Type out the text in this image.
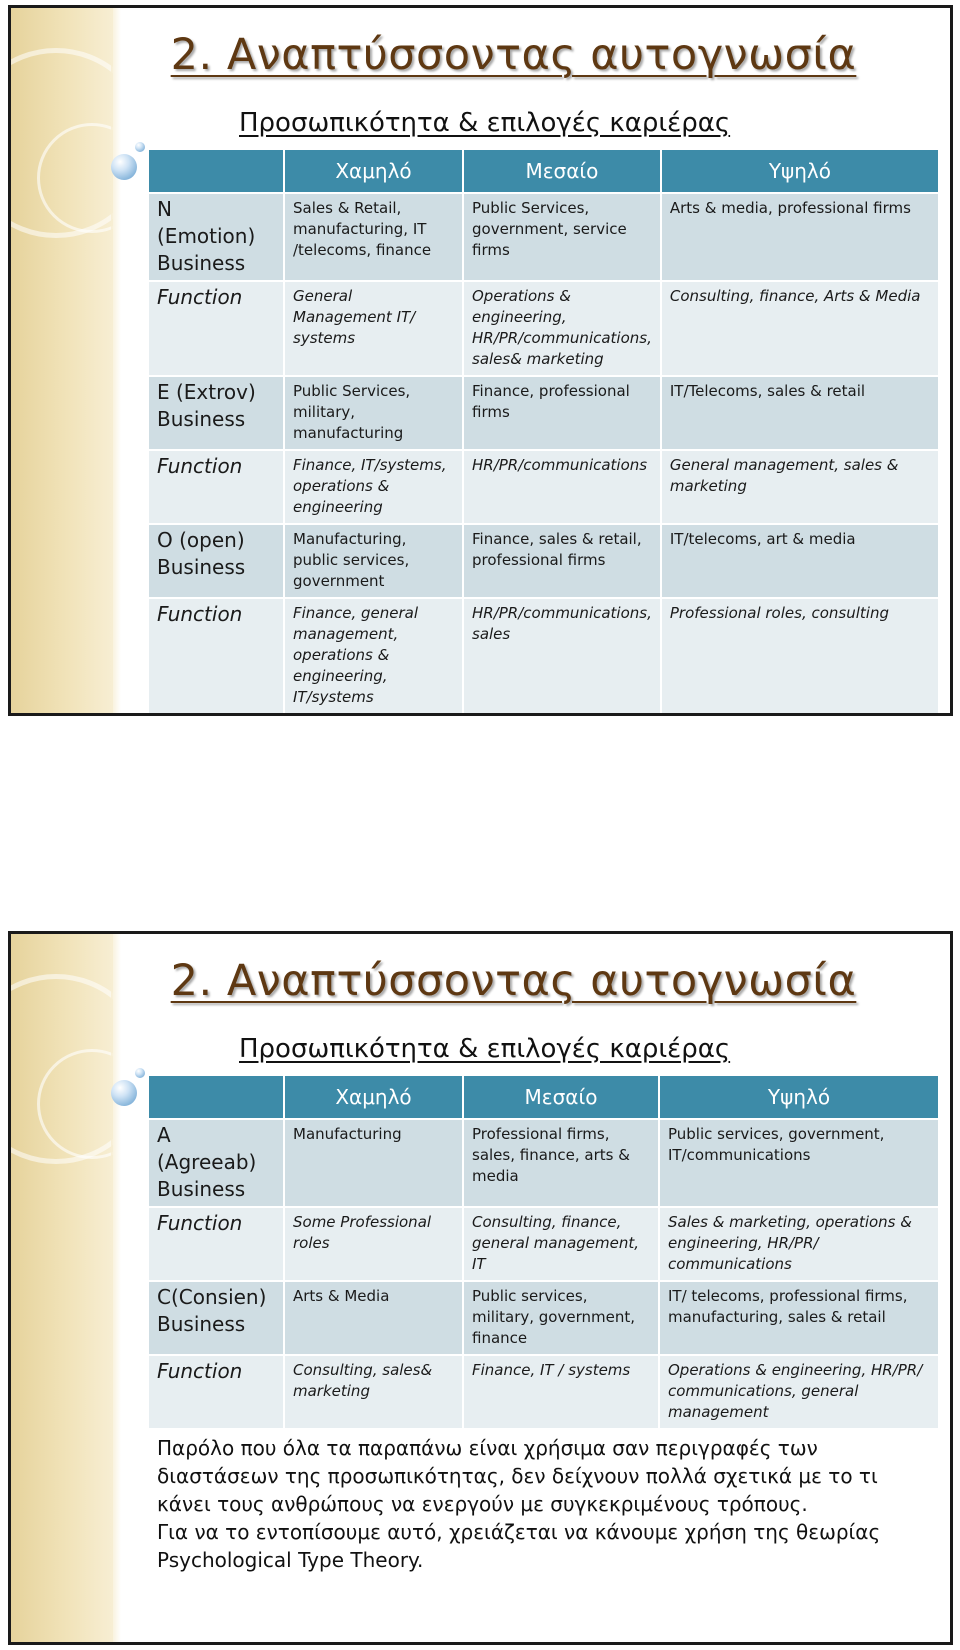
2. Αναπτύσσοντας αυτογνωσία
Προσωπικότητα & επιλογές καριέρας
	Χαμηλό	Μεσαίο	Υψηλό
N (Emotion) Business	Sales & Retail, manufacturing, IT /telecoms, finance	Public Services, government, service firms	Arts & media, professional firms
Function	General Management IT/ systems	Operations & engineering, HR/PR/communications, sales& marketing	Consulting, finance, Arts & Media
E (Extrov) Business	Public Services, military, manufacturing	Finance, professional firms	IT/Telecoms, sales & retail
Function	Finance, IT/systems, operations & engineering	HR/PR/communications	General management, sales & marketing
O (open) Business	Manufacturing, public services, government	Finance, sales & retail, professional firms	IT/telecoms, art & media
Function	Finance, general management, operations & engineering, IT/systems	HR/PR/communications, sales	Professional roles, consulting
2. Αναπτύσσοντας αυτογνωσία
Προσωπικότητα & επιλογές καριέρας
	Χαμηλό	Μεσαίο	Υψηλό
A (Agreeab) Business	Manufacturing	Professional firms, sales, finance, arts & media	Public services, government, IT/communications
Function	Some Professional roles	Consulting, finance, general management, IT	Sales & marketing, operations & engineering, HR/PR/ communications
C(Consien) Business	Arts & Media	Public services, military, government, finance	IT/ telecoms, professional firms, manufacturing, sales & retail
Function	Consulting, sales& marketing	Finance, IT / systems	Operations & engineering, HR/PR/ communications, general management
Παρόλο που όλα τα παραπάνω είναι χρήσιμα σαν περιγραφές των
διαστάσεων της προσωπικότητας, δεν δείχνουν πολλά σχετικά με το τι
κάνει τους ανθρώπους να ενεργούν με συγκεκριμένους τρόπους.
Για να το εντοπίσουμε αυτό, χρειάζεται να κάνουμε χρήση της θεωρίας
Psychological Type Theory.
